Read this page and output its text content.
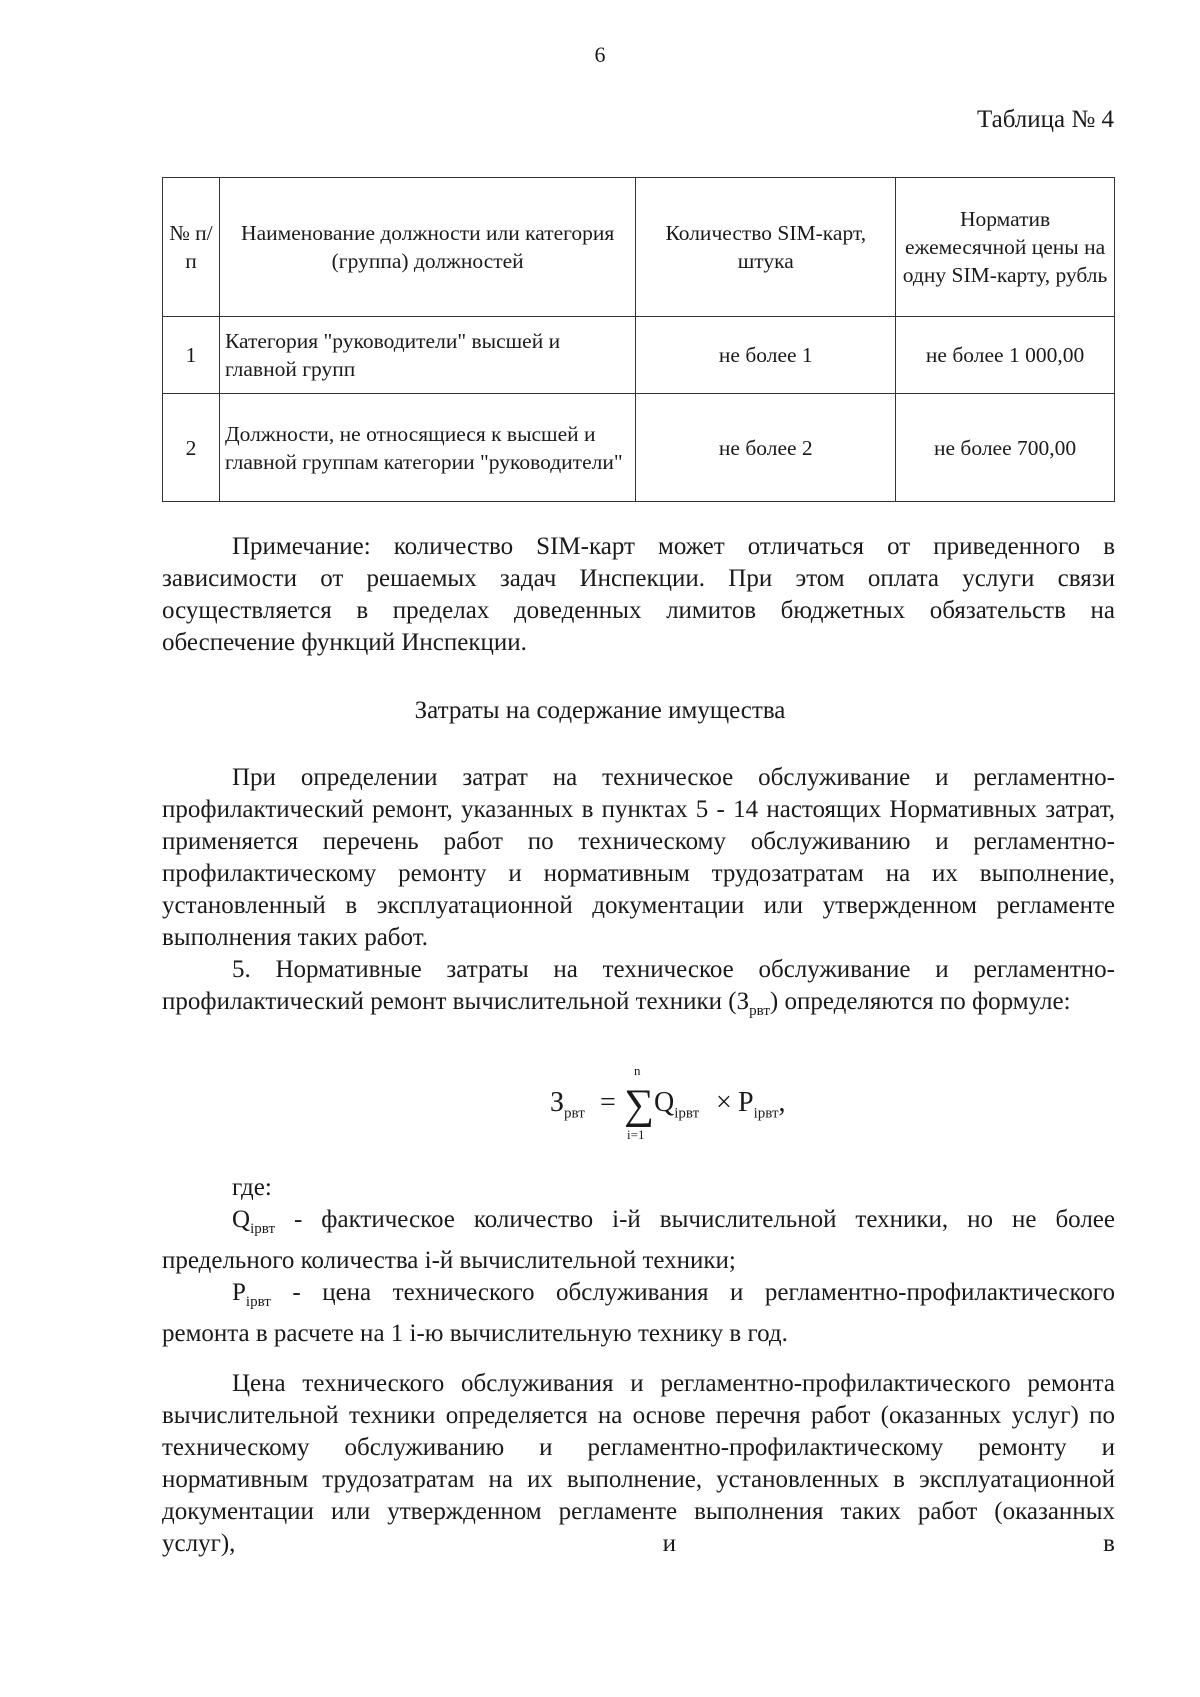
6
Таблица № 4
№ п/п	Наименование должности или категория (группа) должностей	Количество SIM-карт, штука	Норматив ежемесячной цены на одну SIM-карту, рубль
1	Категория "руководители" высшей и главной групп	не более 1	не более 1 000,00
2	Должности, не относящиеся к высшей и главной группам категории "руководители"	не более 2	не более 700,00

Примечание: количество SIM-карт может отличаться от приведенного в зависимости от решаемых задач Инспекции. При этом оплата услуги связи осуществляется в пределах доведенных лимитов бюджетных обязательств на обеспечение функций Инспекции.

Затраты на содержание имущества

При определении затрат на техническое обслуживание и регламентно-профилактический ремонт, указанных в пунктах 5 - 14 настоящих Нормативных затрат, применяется перечень работ по техническому обслуживанию и регламентно-профилактическому ремонту и нормативным трудозатратам на их выполнение, установленный в эксплуатационной документации или утвержденном регламенте выполнения таких работ.

5. Нормативные затраты на техническое обслуживание и регламентно-профилактический ремонт вычислительной техники $(З_{рвт})$ определяются по формуле:

$З_{рвт}$ =
n
∑
i=1
$Q_{iрвт} \times P_{iрвт}$,

где:

$Q_{iрвт}$ - фактическое количество i-й вычислительной техники, но не более предельного количества i-й вычислительной техники;

$P_{iрвт}$ - цена технического обслуживания и регламентно-профилактического ремонта в расчете на 1 i-ю вычислительную технику в год.

Цена технического обслуживания и регламентно-профилактического ремонта вычислительной техники определяется на основе перечня работ (оказанных услуг) по техническому обслуживанию и регламентно-профилактическому ремонту и нормативным трудозатратам на их выполнение, установленных в эксплуатационной документации или утвержденном регламенте выполнения таких работ (оказанных услуг), и в
